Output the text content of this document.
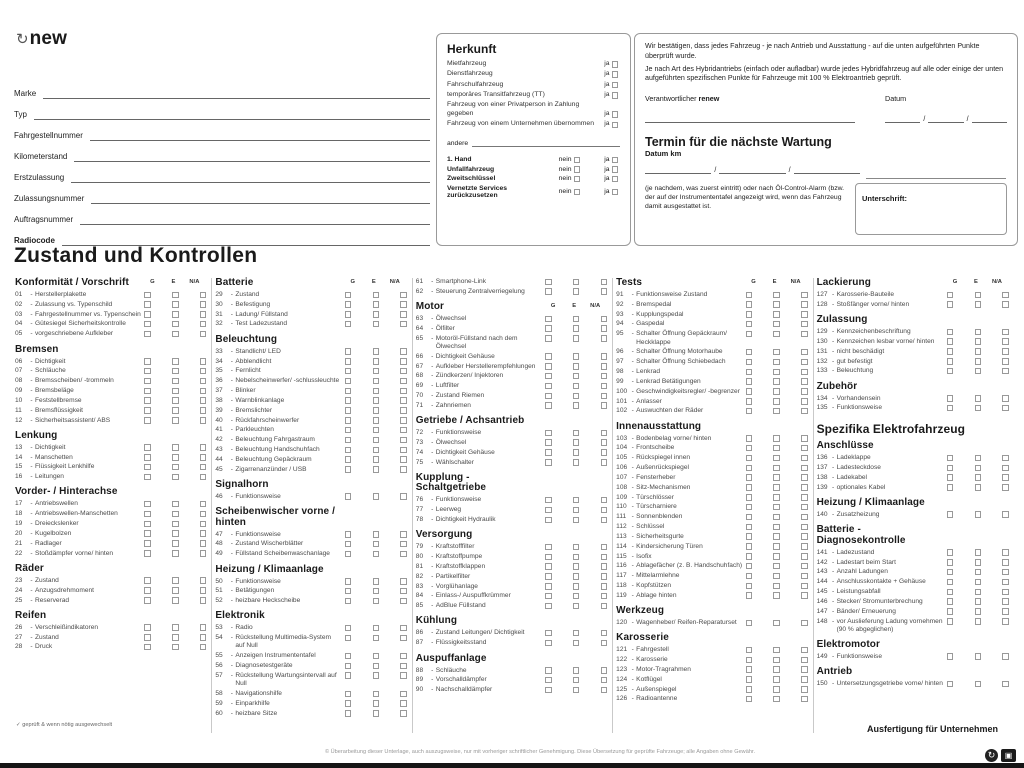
↻ new
Marke
Typ
Fahrgestellnummer
Kilometerstand
Erstzulassung
Zulassungsnummer
Auftragsnummer
Radiocode
Herkunft
Mietfahrzeug	ja
Dienstfahrzeug	ja
Fahrschulfahrzeug	ja
temporäres Transitfahrzeug (TT)	ja
Fahrzeug von einer Privatperson in Zahlung gegeben	ja
Fahrzeug von einem Unternehmen übernommen	ja
andere
1. Hand	nein	ja
Unfallfahrzeug	nein	ja
Zweitschlüssel	nein	ja
Vernetzte Services zurückzusetzen	nein	ja
Wir bestätigen, dass jedes Fahrzeug - je nach Antrieb und Ausstattung - auf die unten aufgeführten Punkte überprüft wurde.
Je nach Art des Hybridantriebs (einfach oder aufladbar) wurde jedes Hybridfahrzeug auf alle oder einige der unten aufgeführten spezifischen Punkte für Fahrzeuge mit 100 % Elektroantrieb geprüft.
Verantwortlicher renew	Datum
/	/
Termin für die nächste Wartung
Datum km
/	/
(je nachdem, was zuerst eintritt) oder nach Öl-Control-Alarm (bzw. der auf der Instrumententafel angezeigt wird, wenn das Fahrzeug damit ausgestattet ist.
Unterschrift:
Zustand und Kontrollen
Konformität / Vorschrift	G	E	N/A
01	- Herstellerplakette
02	- Zulassung vs. Typenschild
03	- Fahrgestellnummer vs. Typenschein
04	- Gütesiegel Sicherheitskontrolle
05	- vorgeschriebene Aufkleber
Bremsen
06	- Dichtigkeit
07	- Schläuche
08	- Bremsscheiben/ -trommeln
09	- Bremsbeläge
10	- Feststellbremse
11	- Bremsflüssigkeit
12	- Sicherheitsassistent/ ABS
Lenkung
13	- Dichtigkeit
14	- Manschetten
15	- Flüssigkeit Lenkhilfe
16	- Leitungen
Vorder- / Hinterachse
17	- Antriebswellen
18	- Antriebswellen-Manschetten
19	- Dreieckslenker
20	- Kugelbolzen
21	- Radlager
22	- Stoßdämpfer vorne/ hinten
Räder
23	- Zustand
24	- Anzugsdrehmoment
25	- Reserverad
Reifen
26	- Verschleißindikatoren
27	- Zustand
28	- Druck
Batterie	G	E	N/A
29	- Zustand
30	- Befestigung
31	- Ladung/ Füllstand
32	- Test Ladezustand
Beleuchtung
33	- Standlicht/ LED
34	- Abblendlicht
35	- Fernlicht
36	- Nebelscheinwerfer/ -schlussleuchte
37	- Blinker
38	- Warnblinkanlage
39	- Bremslichter
40	- Rückfahrscheinwerfer
41	- Parkleuchten
42	- Beleuchtung Fahrgastraum
43	- Beleuchtung Handschuhfach
44	- Beleuchtung Gepäckraum
45	- Zigarrenanzünder / USB
Signalhorn
46	- Funktionsweise
Scheibenwischer vorne / hinten
47	- Funktionsweise
48	- Zustand Wischerblätter
49	- Füllstand Scheibenwaschanlage
Heizung / Klimaanlage
50	- Funktionsweise
51	- Betätigungen
52	- heizbare Heckscheibe
Elektronik
53	- Radio
54	- Rückstellung Multimedia-System auf Null
55	- Anzeigen Instrumententafel
56	- Diagnosetestgeräte
57	- Rückstellung Wartungsintervall auf Null
58	- Navigationshilfe
59	- Einparkhilfe
60	- heizbare Sitze
61	- Smartphone-Link
62	- Steuerung Zentralverriegelung
Motor	G	E	N/A
63	- Ölwechsel
64	- Ölfilter
65	- Motoröl-Füllstand nach dem Ölwechsel
66	- Dichtigkeit Gehäuse
67	- Aufkleber Herstellerempfehlungen
68	- Zündkerzen/ Injektoren
69	- Luftfilter
70	- Zustand Riemen
71	- Zahnriemen
Getriebe / Achsantrieb
72	- Funktionsweise
73	- Ölwechsel
74	- Dichtigkeit Gehäuse
75	- Wählschalter
Kupplung - Schaltgetriebe
76	- Funktionsweise
77	- Leerweg
78	- Dichtigkeit Hydraulik
Versorgung
79	- Kraftstofffilter
80	- Kraftstoffpumpe
81	- Kraftstoffklappen
82	- Partikelfilter
83	- Vorglühanlage
84	- Einlass-/ Auspuffkrümmer
85	- AdBlue Füllstand
Kühlung
86	- Zustand Leitungen/ Dichtigkeit
87	- Flüssigkeitsstand
Auspuffanlage
88	- Schläuche
89	- Vorschalldämpfer
90	- Nachschalldämpfer
Tests	G	E	N/A
91	- Funktionsweise Zustand
92	- Bremspedal
93	- Kupplungspedal
94	- Gaspedal
95	- Schalter Öffnung Gepäckraum/ Heckklappe
96	- Schalter Öffnung Motorhaube
97	- Schalter Öffnung Schiebedach
98	- Lenkrad
99	- Lenkrad Betätigungen
100 - Geschwindigkeitsregler/ -begrenzer
101 - Anlasser
102 - Auswuchten der Räder
Innenausstattung
103 - Bodenbelag vorne/ hinten
104 - Frontscheibe
105 - Rückspiegel innen
106 - Außenrückspiegel
107 - Fensterheber
108 - Sitz-Mechanismen
109 - Türschlösser
110 - Türscharniere
111 - Sonnenblenden
112 - Schlüssel
113 - Sicherheitsgurte
114 - Kindersicherung Türen
115 - Isofix
116 - Ablagefächer (z. B. Handschuhfach)
117 - Mittelarmlehne
118 - Kopfstützen
119 - Ablage hinten
Werkzeug
120 - Wagenheber/ Reifen-Reparaturset
Karosserie
121 - Fahrgestell
122 - Karosserie
123 - Motor-Tragrahmen
124 - Kotflügel
125 - Außenspiegel
126 - Radioantenne
Lackierung	G	E	N/A
127 - Karosserie-Bauteile
128 - Stoßfänger vorne/ hinten
Zulassung
129 - Kennzeichenbeschriftung
130 - Kennzeichen lesbar vorne/ hinten
131 - nicht beschädigt
132 - gut befestigt
133 - Beleuchtung
Zubehör
134 - Vorhandensein
135 - Funktionsweise
Spezifika Elektrofahrzeug
Anschlüsse
136 - Ladeklappe
137 - Ladesteckdose
138 - Ladekabel
139 - optionales Kabel
Heizung / Klimaanlage
140 - Zusatzheizung
Batterie - Diagnosekontrolle
141 - Ladezustand
142 - Ladestart beim Start
143 - Anzahl Ladungen
144 - Anschlusskontakte + Gehäuse
145 - Leistungsabfall
146 - Stecker/ Stromunterbrechung
147 - Bänder/ Erneuerung
148 - vor Auslieferung Ladung vornehmen (90 % abgeglichen)
Elektromotor
149 - Funktionsweise
Antrieb
150 - Untersetzungsgetriebe vorne/ hinten
✓ geprüft & wenn nötig ausgewechselt
© Überarbeitung dieser Unterlage, auch auszugsweise, nur mit vorheriger schriftlicher Genehmigung. Diese Übersetzung für geprüfte Fahrzeuge; alle Angaben ohne Gewähr.
Ausfertigung für Unternehmen
↻	▣
